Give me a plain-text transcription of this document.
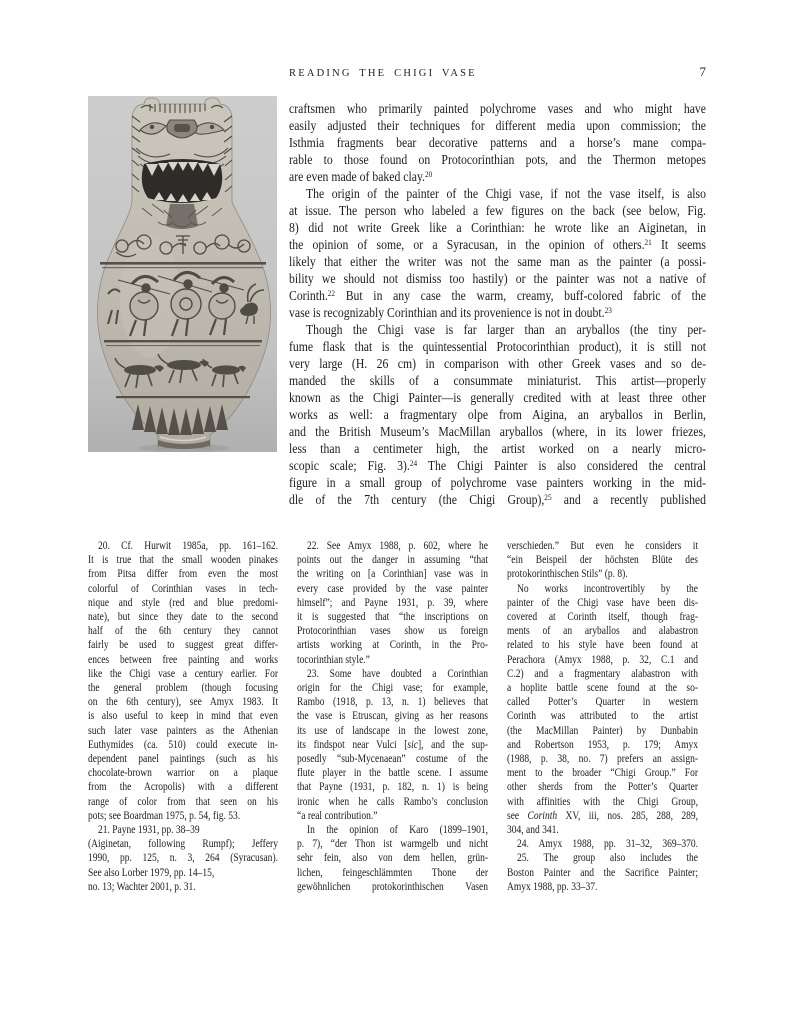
READING THE CHIGI VASE	7
craftsmen who primarily painted polychrome vases and who might have
easily adjusted their techniques for different media upon commission; the
Isthmia fragments bear decorative patterns and a horse’s mane compa-
rable to those found on Protocorinthian pots, and the Thermon metopes
are even made of baked clay.$^{20}$
The origin of the painter of the Chigi vase, if not the vase itself, is also
at issue. The person who labeled a few figures on the back (see below, Fig.
8) did not write Greek like a Corinthian: he wrote like an Aiginetan, in
the opinion of some, or a Syracusan, in the opinion of others.$^{21}$ It seems
likely that either the writer was not the same man as the painter (a possi-
bility we should not dismiss too hastily) or the painter was not a native of
Corinth.$^{22}$ But in any case the warm, creamy, buff-colored fabric of the
vase is recognizably Corinthian and its provenience is not in doubt.$^{23}$
Though the Chigi vase is far larger than an aryballos (the tiny per-
fume flask that is the quintessential Protocorinthian product), it is still not
very large (H. 26 cm) in comparison with other Greek vases and so de-
manded the skills of a consummate miniaturist. This artist—properly
known as the Chigi Painter—is generally credited with at least three other
works as well: a fragmentary olpe from Aigina, an aryballos in Berlin,
and the British Museum’s MacMillan aryballos (where, in its lower friezes,
less than a centimeter high, the artist worked on a nearly micro-
scopic scale; Fig. 3).$^{24}$ The Chigi Painter is also considered the central
figure in a small group of polychrome vase painters working in the mid-
dle of the 7th century (the Chigi Group),$^{25}$ and a recently published
20. Cf. Hurwit 1985a, pp. 161–162.
It is true that the small wooden pinakes
from Pitsa differ from even the most
colorful of Corinthian vases in tech-
nique and style (red and blue predomi-
nate), but since they date to the second
half of the 6th century they cannot
fairly be used to suggest great differ-
ences between free painting and works
like the Chigi vase a century earlier. For
the general problem (though focusing
on the 6th century), see Amyx 1983. It
is also useful to keep in mind that even
such later vase painters as the Athenian
Euthymides (ca. 510) could execute in-
dependent panel paintings (such as his
chocolate-brown warrior on a plaque
from the Acropolis) with a different
range of color from that seen on his
pots; see Boardman 1975, p. 54, fig. 53.
21. Payne 1931, pp. 38–39
(Aiginetan, following Rumpf); Jeffery
1990, pp. 125, n. 3, 264 (Syracusan).
See also Lorber 1979, pp. 14–15,
no. 13; Wachter 2001, p. 31.
22. See Amyx 1988, p. 602, where he
points out the danger in assuming “that
the writing on [a Corinthian] vase was in
every case provided by the vase painter
himself”; and Payne 1931, p. 39, where
it is suggested that “the inscriptions on
Protocorinthian vases show us foreign
artists working at Corinth, in the Pro-
tocorinthian style.”
23. Some have doubted a Corinthian
origin for the Chigi vase; for example,
Rambo (1918, p. 13, n. 1) believes that
the vase is Etruscan, giving as her reasons
its use of landscape in the lowest zone,
its findspot near Vulci [sic], and the sup-
posedly “sub-Mycenaean” costume of the
flute player in the battle scene. I assume
that Payne (1931, p. 182, n. 1) is being
ironic when he calls Rambo’s conclusion
“a real contribution.”
In the opinion of Karo (1899–1901,
p. 7), “der Thon ist warmgelb und nicht
sehr fein, also von dem hellen, grün-
lichen, feingeschlämmten Thone der
gewöhnlichen protokorinthischen Vasen
verschieden.” But even he considers it
“ein Beispeil der höchsten Blüte des
protokorinthischen Stils” (p. 8).
No works incontrovertibly by the
painter of the Chigi vase have been dis-
covered at Corinth itself, though frag-
ments of an aryballos and alabastron
related to his style have been found at
Perachora (Amyx 1988, p. 32, C.1 and
C.2) and a fragmentary alabastron with
a hoplite battle scene found at the so-
called Potter’s Quarter in western
Corinth was attributed to the artist
(the MacMillan Painter) by Dunbabin
and Robertson 1953, p. 179; Amyx
(1988, p. 38, no. 7) prefers an assign-
ment to the broader “Chigi Group.” For
other sherds from the Potter’s Quarter
with affinities with the Chigi Group,
see Corinth XV, iii, nos. 285, 288, 289,
304, and 341.
24. Amyx 1988, pp. 31–32, 369–370.
25. The group also includes the
Boston Painter and the Sacrifice Painter;
Amyx 1988, pp. 33–37.
